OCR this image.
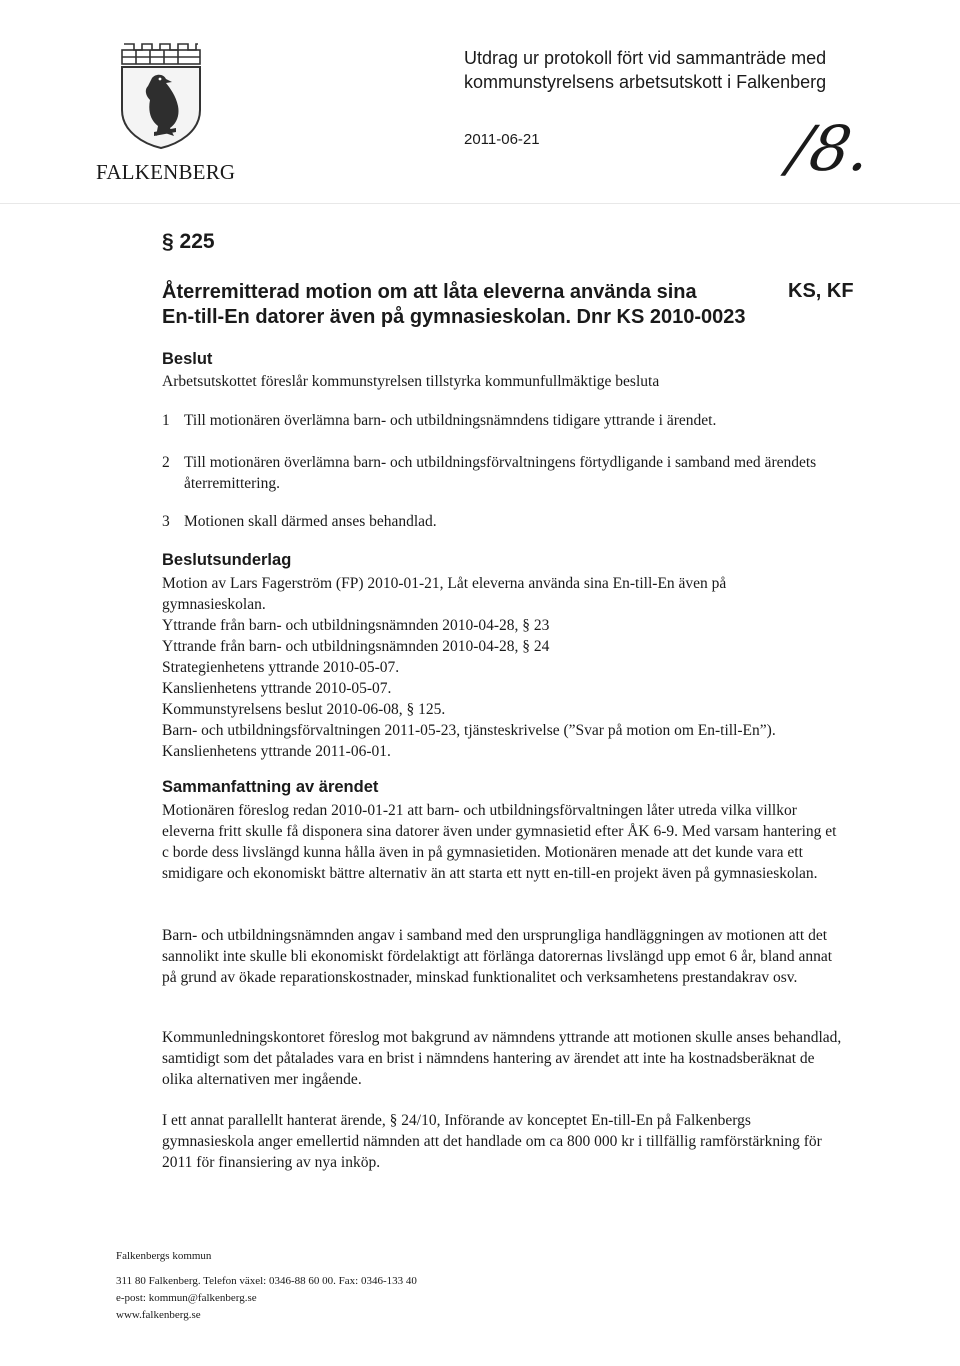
FALKENBERG
Utdrag ur protokoll fört vid sammanträde med
kommunstyrelsens arbetsutskott i Falkenberg
2011-06-21	/8.
§ 225
Återremitterad motion om att låta eleverna använda sina
En-till-En datorer även på gymnasieskolan. Dnr KS 2010-0023
KS, KF
Beslut
Arbetsutskottet föreslår kommunstyrelsen tillstyrka kommunfullmäktige besluta
1 Till motionären överlämna barn- och utbildningsnämndens tidigare yttrande i ärendet.
2 Till motionären överlämna barn- och utbildningsförvaltningens förtydligande i samband med ärendets återremittering.
3 Motionen skall därmed anses behandlad.
Beslutsunderlag
Motion av Lars Fagerström (FP) 2010-01-21, Låt eleverna använda sina En-till-En även på
gymnasieskolan.
Yttrande från barn- och utbildningsnämnden 2010-04-28, § 23
Yttrande från barn- och utbildningsnämnden 2010-04-28, § 24
Strategienhetens yttrande 2010-05-07.
Kanslienhetens yttrande 2010-05-07.
Kommunstyrelsens beslut 2010-06-08, § 125.
Barn- och utbildningsförvaltningen 2011-05-23, tjänsteskrivelse (”Svar på motion om En-till-En”).
Kanslienhetens yttrande 2011-06-01.
Sammanfattning av ärendet
Motionären föreslog redan 2010-01-21 att barn- och utbildningsförvaltningen låter utreda vilka villkor eleverna fritt skulle få disponera sina datorer även under gymnasietid efter ÅK 6-9. Med varsam hantering et c borde dess livslängd kunna hålla även in på gymnasietiden. Motionären menade att det kunde vara ett smidigare och ekonomiskt bättre alternativ än att starta ett nytt en-till-en projekt även på gymnasieskolan.
Barn- och utbildningsnämnden angav i samband med den ursprungliga handläggningen av motionen att det sannolikt inte skulle bli ekonomiskt fördelaktigt att förlänga datorernas livslängd upp emot 6 år, bland annat på grund av ökade reparationskostnader, minskad funktionalitet och verksamhetens prestandakrav osv.
Kommunledningskontoret föreslog mot bakgrund av nämndens yttrande att motionen skulle anses behandlad, samtidigt som det påtalades vara en brist i nämndens hantering av ärendet att inte ha kostnadsberäknat de olika alternativen mer ingående.
I ett annat parallellt hanterat ärende, § 24/10, Införande av konceptet En-till-En på Falkenbergs gymnasieskola anger emellertid nämnden att det handlade om ca 800 000 kr i tillfällig ramförstärkning för 2011 för finansiering av nya inköp.
Falkenbergs kommun
311 80 Falkenberg. Telefon växel: 0346-88 60 00. Fax: 0346-133 40
e-post: kommun@falkenberg.se
www.falkenberg.se
